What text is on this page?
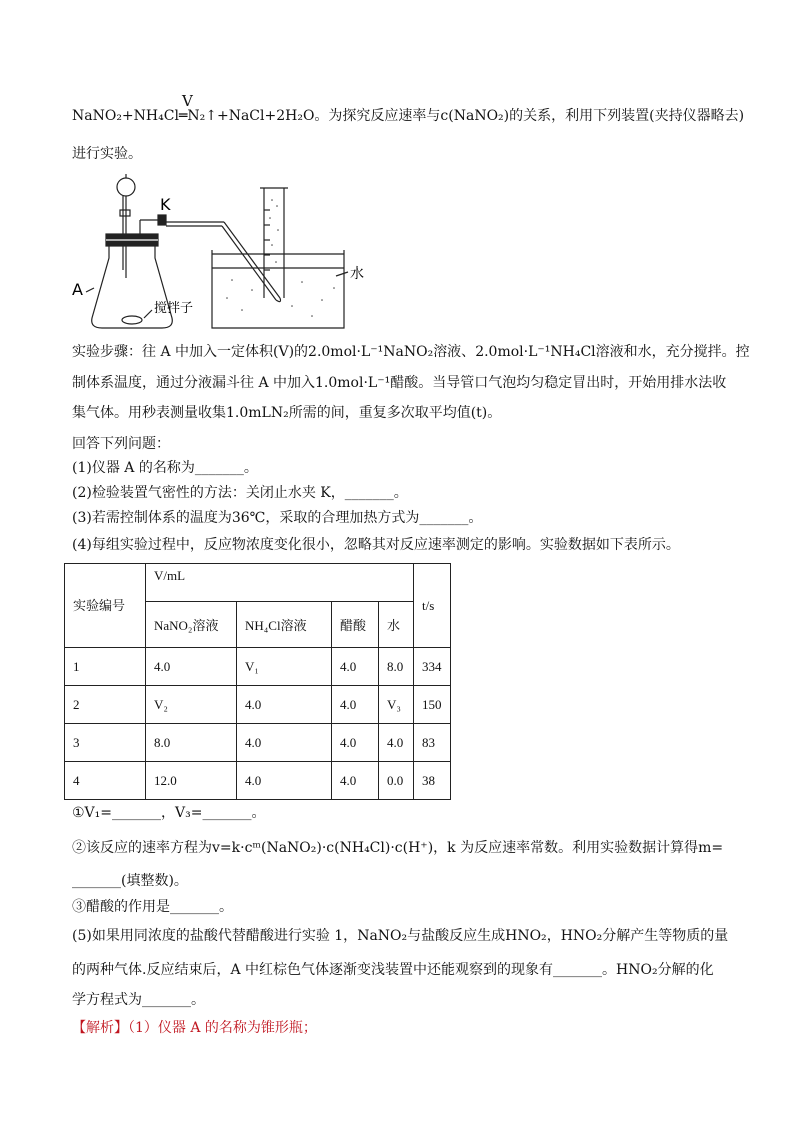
NaNO₂+NH₄Cl
V
═N₂↑+NaCl+2H₂O。为探究反应速率与c(NaNO₂)的关系，利用下列装置(夹持仪器略去)
进行实验。
A
K
搅拌子
水
实验步骤：往 A 中加入一定体积(V)的2.0mol·L⁻¹NaNO₂溶液、2.0mol·L⁻¹NH₄Cl溶液和水，充分搅拌。控
制体系温度，通过分液漏斗往 A 中加入1.0mol·L⁻¹醋酸。当导管口气泡均匀稳定冒出时，开始用排水法收
集气体。用秒表测量收集1.0mLN₂所需的间，重复多次取平均值(t)。
回答下列问题：
(1)仪器 A 的名称为_______。
(2)检验装置气密性的方法：关闭止水夹 K，_______。
(3)若需控制体系的温度为36℃，采取的合理加热方式为_______。
(4)每组实验过程中，反应物浓度变化很小，忽略其对反应速率测定的影响。实验数据如下表所示。
实验编号	V/mL				t/s
	NaNO₂溶液	NH₄Cl溶液	醋酸	水	
1	4.0	V₁	4.0	8.0	334
2	V₂	4.0	4.0	V₃	150
3	8.0	4.0	4.0	4.0	83
4	12.0	4.0	4.0	0.0	38
①V₁=_______，V₃=_______。
②该反应的速率方程为v=k·cᵐ(NaNO₂)·c(NH₄Cl)·c(H⁺)，k 为反应速率常数。利用实验数据计算得m=
_______(填整数)。
③醋酸的作用是_______。
(5)如果用同浓度的盐酸代替醋酸进行实验 1，NaNO₂与盐酸反应生成HNO₂，HNO₂分解产生等物质的量
的两种气体.反应结束后，A 中红棕色气体逐渐变浅装置中还能观察到的现象有_______。HNO₂分解的化
学方程式为_______。
【解析】（1）仪器 A 的名称为锥形瓶；
